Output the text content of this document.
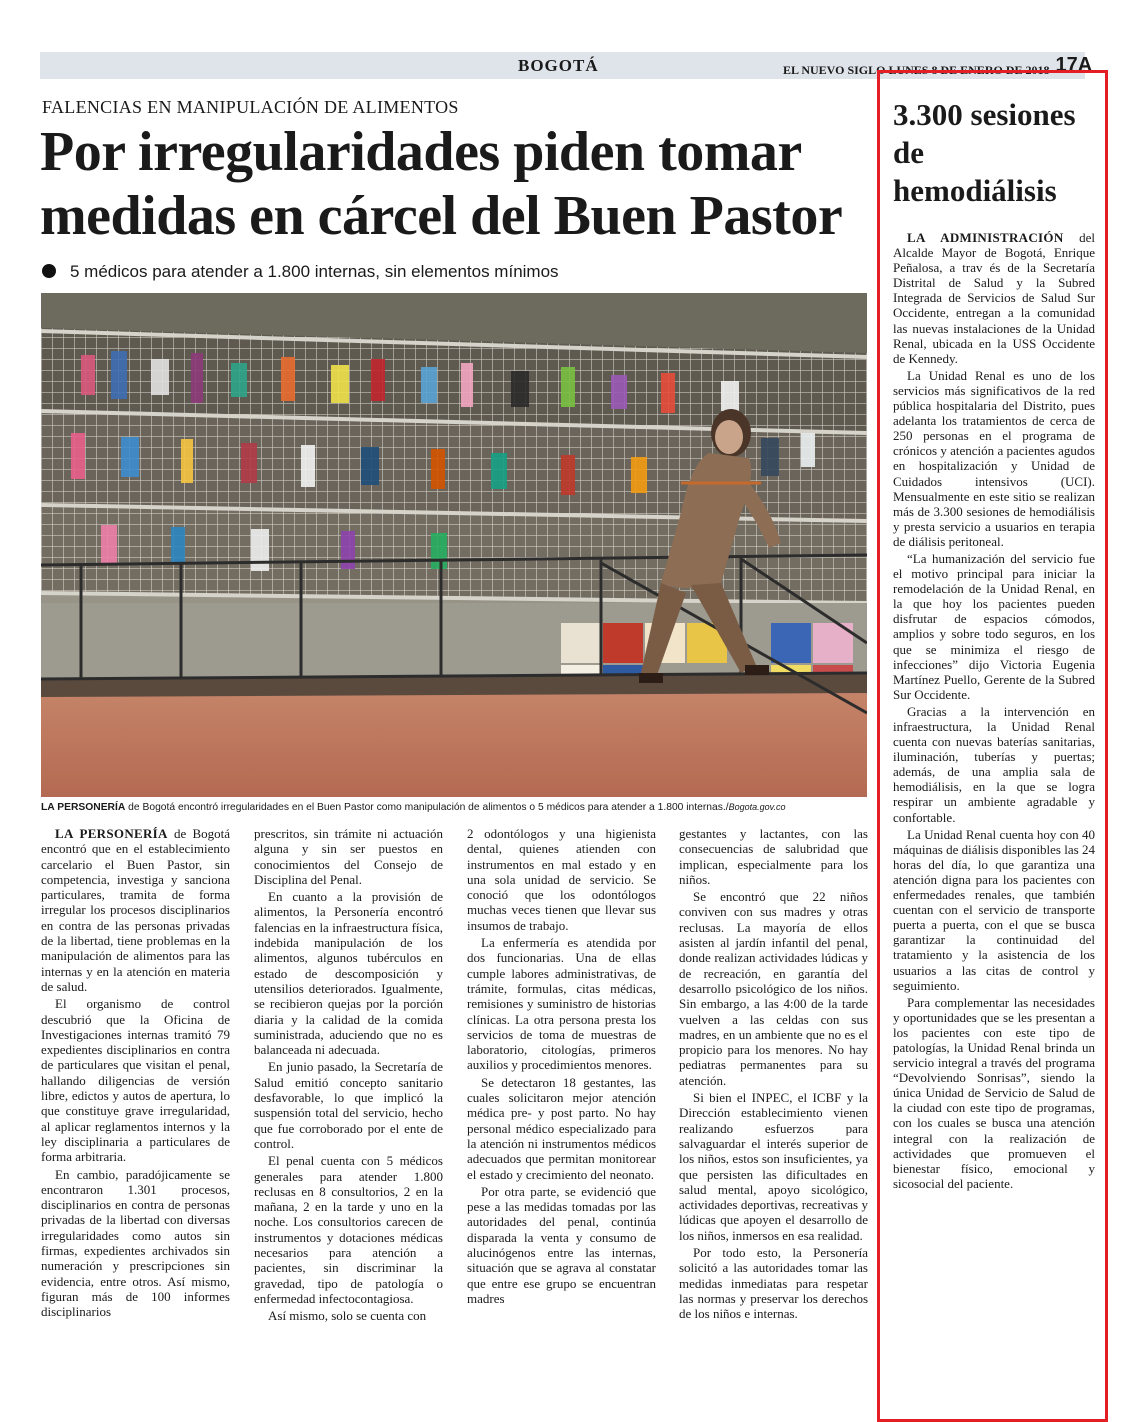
BOGOTÁ	EL NUEVO SIGLO LUNES 8 DE ENERO DE 2018 17A
FALENCIAS EN MANIPULACIÓN DE ALIMENTOS
Por irregularidades piden tomar medidas en cárcel del Buen Pastor
5 médicos para atender a 1.800 internas, sin elementos mínimos
LA PERSONERÍA de Bogotá encontró irregularidades en el Buen Pastor como manipulación de alimentos o 5 médicos para atender a 1.800 internas./Bogota.gov.co

LA PERSONERÍA de Bogotá encontró que en el establecimiento carcelario el Buen Pastor, sin competencia, investiga y sanciona particulares, tramita de forma irregular los procesos disciplinarios en contra de las personas privadas de la libertad, tiene problemas en la manipulación de alimentos para las internas y en la atención en materia de salud.

El organismo de control descubrió que la Oficina de Investigaciones internas tramitó 79 expedientes disciplinarios en contra de particulares que visitan el penal, hallando diligencias de versión libre, edictos y autos de apertura, lo que constituye grave irregularidad, al aplicar reglamentos internos y la ley disciplinaria a particulares de forma arbitraria.

En cambio, paradójicamente se encontraron 1.301 procesos, disciplinarios en contra de personas privadas de la libertad con diversas irregularidades como autos sin firmas, expedientes archivados sin numeración y prescripciones sin evidencia, entre otros. Así mismo, figuran más de 100 informes disciplinarios

prescritos, sin trámite ni actuación alguna y sin ser puestos en conocimientos del Consejo de Disciplina del Penal.

En cuanto a la provisión de alimentos, la Personería encontró falencias en la infraestructura física, indebida manipulación de los alimentos, algunos tubérculos en estado de descomposición y utensilios deteriorados. Igualmente, se recibieron quejas por la porción diaria y la calidad de la comida suministrada, aduciendo que no es balanceada ni adecuada.

En junio pasado, la Secretaría de Salud emitió concepto sanitario desfavorable, lo que implicó la suspensión total del servicio, hecho que fue corroborado por el ente de control.

El penal cuenta con 5 médicos generales para atender 1.800 reclusas en 8 consultorios, 2 en la mañana, 2 en la tarde y uno en la noche. Los consultorios carecen de instrumentos y dotaciones médicas necesarios para atención a pacientes, sin discriminar la gravedad, tipo de patología o enfermedad infectocontagiosa.

Así mismo, solo se cuenta con

2 odontólogos y una higienista dental, quienes atienden con instrumentos en mal estado y en una sola unidad de servicio. Se conoció que los odontólogos muchas veces tienen que llevar sus insumos de trabajo.

La enfermería es atendida por dos funcionarias. Una de ellas cumple labores administrativas, de trámite, formulas, citas médicas, remisiones y suministro de historias clínicas. La otra persona presta los servicios de toma de muestras de laboratorio, citologías, primeros auxilios y procedimientos menores.

Se detectaron 18 gestantes, las cuales solicitaron mejor atención médica pre- y post parto. No hay personal médico especializado para la atención ni instrumentos médicos adecuados que permitan monitorear el estado y crecimiento del neonato.

Por otra parte, se evidenció que pese a las medidas tomadas por las autoridades del penal, continúa disparada la venta y consumo de alucinógenos entre las internas, situación que se agrava al constatar que entre ese grupo se encuentran madres

gestantes y lactantes, con las consecuencias de salubridad que implican, especialmente para los niños.

Se encontró que 22 niños conviven con sus madres y otras reclusas. La mayoría de ellos asisten al jardín infantil del penal, donde realizan actividades lúdicas y de recreación, en garantía del desarrollo psicológico de los niños. Sin embargo, a las 4:00 de la tarde vuelven a las celdas con sus madres, en un ambiente que no es el propicio para los menores. No hay pediatras permanentes para su atención.

Si bien el INPEC, el ICBF y la Dirección establecimiento vienen realizando esfuerzos para salvaguardar el interés superior de los niños, estos son insuficientes, ya que persisten las dificultades en salud mental, apoyo sicológico, actividades deportivas, recreativas y lúdicas que apoyen el desarrollo de los niños, inmersos en esa realidad.

Por todo esto, la Personería solicitó a las autoridades tomar las medidas inmediatas para respetar las normas y preservar los derechos de los niños e internas.

3.300 sesiones de hemodiálisis

LA ADMINISTRACIÓN del Alcalde Mayor de Bogotá, Enrique Peñalosa, a trav és de la Secretaría Distrital de Salud y la Subred Integrada de Servicios de Salud Sur Occidente, entregan a la comunidad las nuevas instalaciones de la Unidad Renal, ubicada en la USS Occidente de Kennedy.

La Unidad Renal es uno de los servicios más significativos de la red pública hospitalaria del Distrito, pues adelanta los tratamientos de cerca de 250 personas en el programa de crónicos y atención a pacientes agudos en hospitalización y Unidad de Cuidados intensivos (UCI). Mensualmente en este sitio se realizan más de 3.300 sesiones de hemodiálisis y presta servicio a usuarios en terapia de diálisis peritoneal.

“La humanización del servicio fue el motivo principal para iniciar la remodelación de la Unidad Renal, en la que hoy los pacientes pueden disfrutar de espacios cómodos, amplios y sobre todo seguros, en los que se minimiza el riesgo de infecciones” dijo Victoria Eugenia Martínez Puello, Gerente de la Subred Sur Occidente.

Gracias a la intervención en infraestructura, la Unidad Renal cuenta con nuevas baterías sanitarias, iluminación, tuberías y puertas; además, de una amplia sala de hemodiálisis, en la que se logra respirar un ambiente agradable y confortable.

La Unidad Renal cuenta hoy con 40 máquinas de diálisis disponibles las 24 horas del día, lo que garantiza una atención digna para los pacientes con enfermedades renales, que también cuentan con el servicio de transporte puerta a puerta, con el que se busca garantizar la continuidad del tratamiento y la asistencia de los usuarios a las citas de control y seguimiento.

Para complementar las necesidades y oportunidades que se les presentan a los pacientes con este tipo de patologías, la Unidad Renal brinda un servicio integral a través del programa “Devolviendo Sonrisas”, siendo la única Unidad de Servicio de Salud de la ciudad con este tipo de programas, con los cuales se busca una atención integral con la realización de actividades que promueven el bienestar físico, emocional y sicosocial del paciente.
